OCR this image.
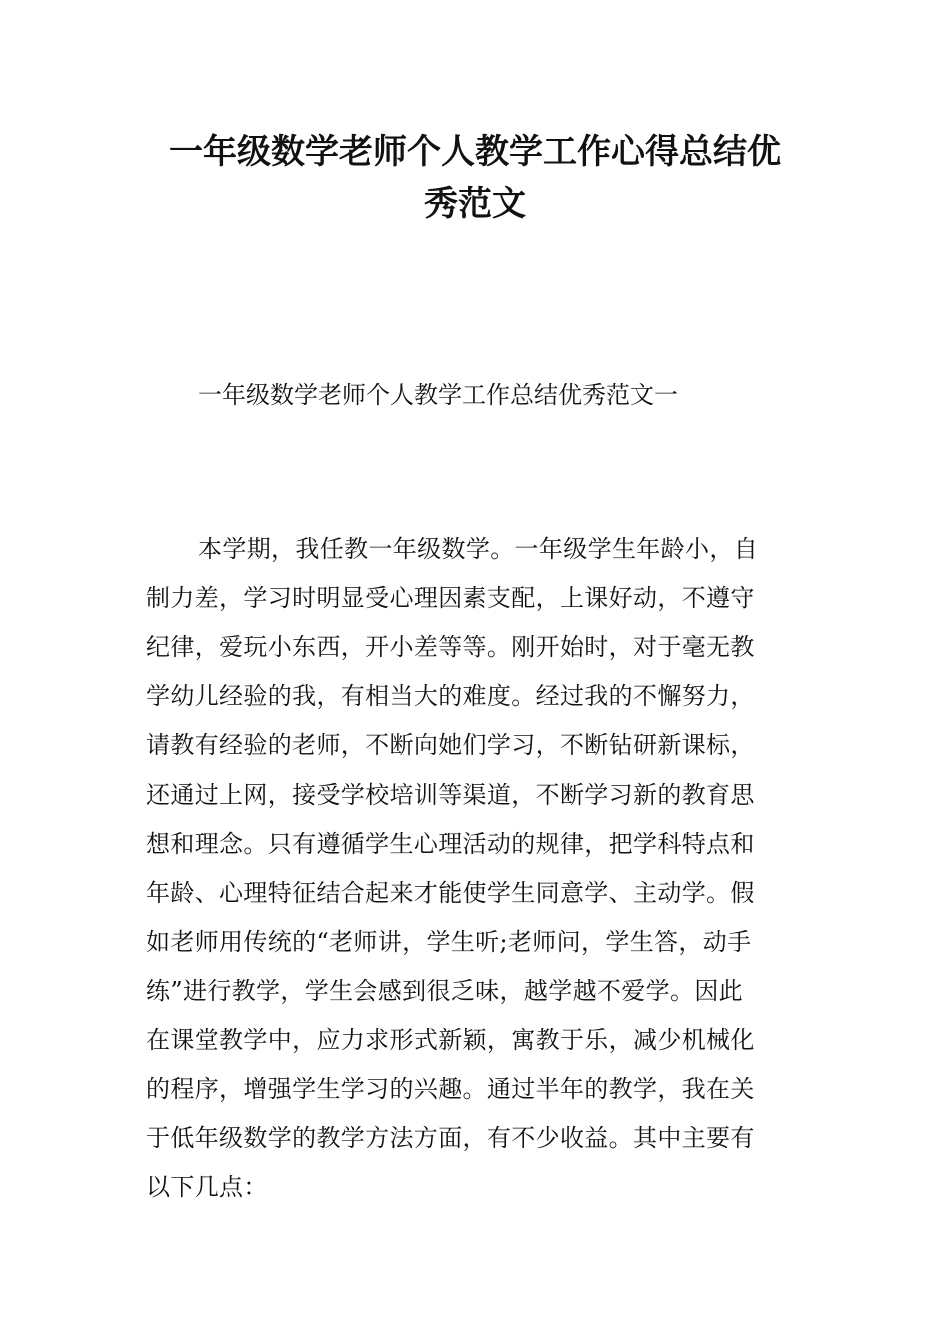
一年级数学老师个人教学工作心得总结优
秀范文

一年级数学老师个人教学工作总结优秀范文一

本学期，我任教一年级数学。一年级学生年龄小，自

制力差，学习时明显受心理因素支配，上课好动，不遵守

纪律，爱玩小东西，开小差等等。刚开始时，对于毫无教

学幼儿经验的我，有相当大的难度。经过我的不懈努力，

请教有经验的老师，不断向她们学习，不断钻研新课标，

还通过上网，接受学校培训等渠道，不断学习新的教育思

想和理念。只有遵循学生心理活动的规律，把学科特点和

年龄、心理特征结合起来才能使学生同意学、主动学。假

如老师用传统的“老师讲，学生听;老师问，学生答，动手

练”进行教学，学生会感到很乏味，越学越不爱学。因此

在课堂教学中，应力求形式新颖，寓教于乐，减少机械化

的程序，增强学生学习的兴趣。通过半年的教学，我在关

于低年级数学的教学方法方面，有不少收益。其中主要有

以下几点：
